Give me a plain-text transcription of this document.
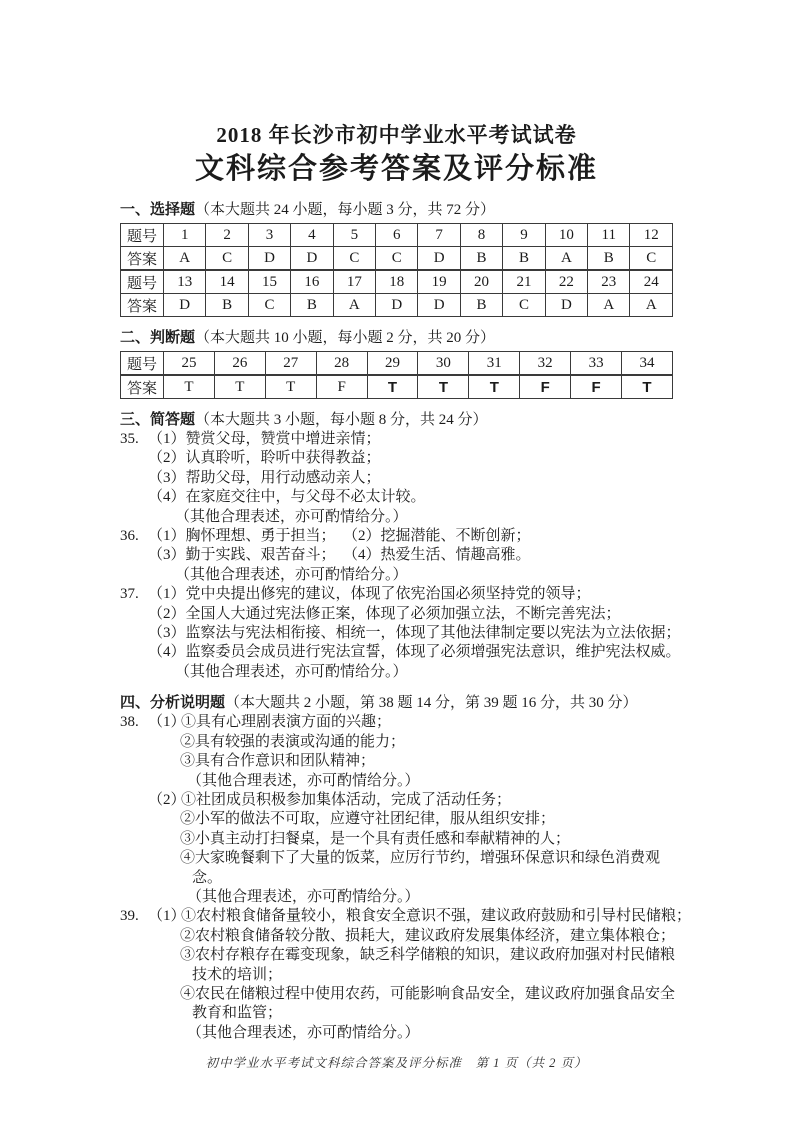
2018 年长沙市初中学业水平考试试卷
文科综合参考答案及评分标准
一、选择题（本大题共 24 小题，每小题 3 分，共 72 分）
题号	1	2	3	4	5	6	7	8	9	10	11	12
答案	A	C	D	D	C	C	D	B	B	A	B	C
题号	13	14	15	16	17	18	19	20	21	22	23	24
答案	D	B	C	B	A	D	D	B	C	D	A	A
二、判断题（本大题共 10 小题，每小题 2 分，共 20 分）
题号	25	26	27	28	29	30	31	32	33	34
答案	T	T	T	F	T	T	T	F	F	T
三、简答题（本大题共 3 小题，每小题 8 分，共 24 分）
35. （1）赞赏父母，赞赏中增进亲情；
（2）认真聆听，聆听中获得教益；
（3）帮助父母，用行动感动亲人；
（4）在家庭交往中，与父母不必太计较。
（其他合理表述，亦可酌情给分。）
36. （1）胸怀理想、勇于担当； （2）挖掘潜能、不断创新；
（3）勤于实践、艰苦奋斗； （4）热爱生活、情趣高雅。
（其他合理表述，亦可酌情给分。）
37. （1）党中央提出修宪的建议，体现了依宪治国必须坚持党的领导；
（2）全国人大通过宪法修正案，体现了必须加强立法，不断完善宪法；
（3）监察法与宪法相衔接、相统一，体现了其他法律制定要以宪法为立法依据；
（4）监察委员会成员进行宪法宣誓，体现了必须增强宪法意识，维护宪法权威。
（其他合理表述，亦可酌情给分。）
四、分析说明题（本大题共 2 小题，第 38 题 14 分，第 39 题 16 分，共 30 分）
38. （1）①具有心理剧表演方面的兴趣；
②具有较强的表演或沟通的能力；
③具有合作意识和团队精神；
（其他合理表述，亦可酌情给分。）
（2）①社团成员积极参加集体活动，完成了活动任务；
②小军的做法不可取，应遵守社团纪律，服从组织安排；
③小真主动打扫餐桌，是一个具有责任感和奉献精神的人；
④大家晚餐剩下了大量的饭菜，应厉行节约，增强环保意识和绿色消费观念。
（其他合理表述，亦可酌情给分。）
39. （1）①农村粮食储备量较小，粮食安全意识不强，建议政府鼓励和引导村民储粮；
②农村粮食储备较分散、损耗大，建议政府发展集体经济，建立集体粮仓；
③农村存粮存在霉变现象，缺乏科学储粮的知识，建议政府加强对村民储粮技术的培训；
④农民在储粮过程中使用农药，可能影响食品安全，建议政府加强食品安全教育和监管；
（其他合理表述，亦可酌情给分。）
初中学业水平考试文科综合答案及评分标准　第 1 页（共 2 页）
